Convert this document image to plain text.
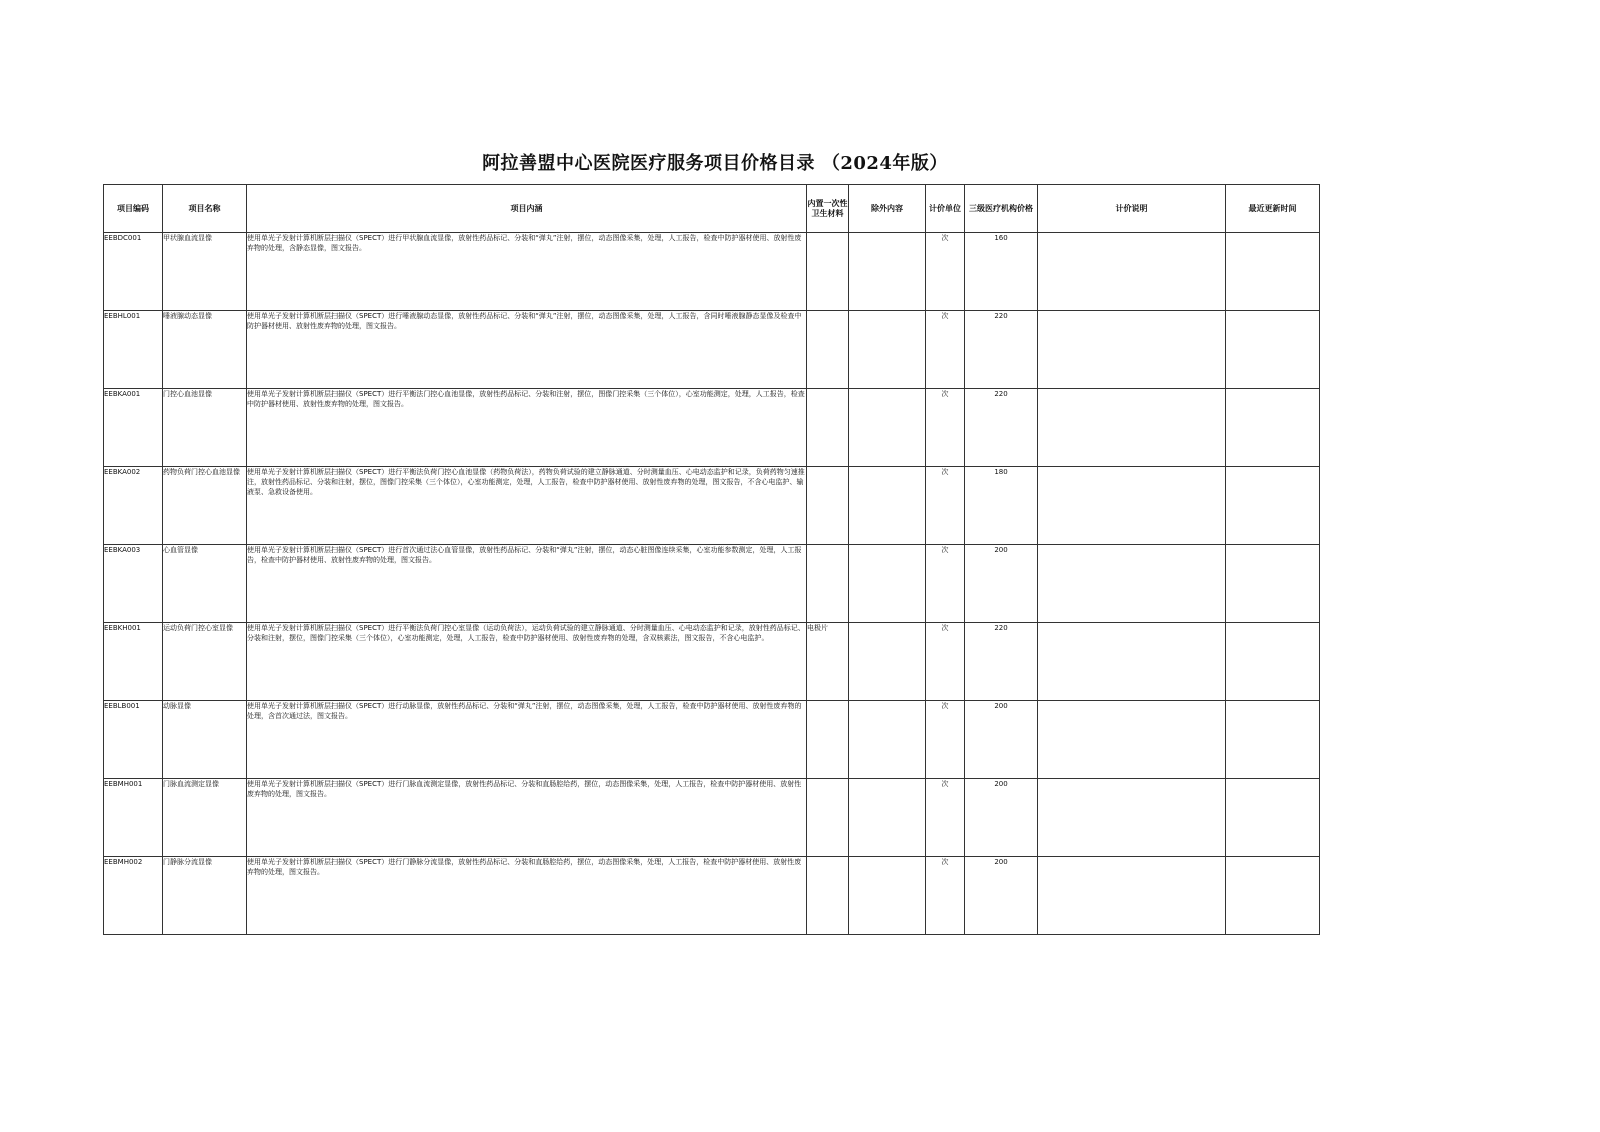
阿拉善盟中心医院医疗服务项目价格目录 （2024年版）
项目编码	项目名称	项目内涵	内置一次性卫生材料	除外内容	计价单位	三级医疗机构价格	计价说明	最近更新时间
EEBDC001	甲状腺血流显像	使用单光子发射计算机断层扫描仪（SPECT）进行甲状腺血流显像，放射性药品标记、分装和“弹丸”注射，摆位，动态图像采集，处理，人工报告，检查中防护器材使用、放射性废弃物的处理，含静态显像，图文报告。			次	160		
EEBHL001	唾液腺动态显像	使用单光子发射计算机断层扫描仪（SPECT）进行唾液腺动态显像，放射性药品标记、分装和“弹丸”注射，摆位，动态图像采集，处理，人工报告，含同时唾液腺静态显像及检查中防护器材使用、放射性废弃物的处理，图文报告。			次	220		
EEBKA001	门控心血池显像	使用单光子发射计算机断层扫描仪（SPECT）进行平衡法门控心血池显像，放射性药品标记、分装和注射，摆位，图像门控采集（三个体位），心室功能测定，处理，人工报告，检查中防护器材使用、放射性废弃物的处理，图文报告。			次	220		
EEBKA002	药物负荷门控心血池显像	使用单光子发射计算机断层扫描仪（SPECT）进行平衡法负荷门控心血池显像（药物负荷法），药物负荷试验的建立静脉通道、分时测量血压、心电动态监护和记录，负荷药物匀速推注，放射性药品标记、分装和注射，摆位，图像门控采集（三个体位），心室功能测定，处理，人工报告，检查中防护器材使用、放射性废弃物的处理，图文报告，不含心电监护、输液泵、急救设备使用。			次	180		
EEBKA003	心血管显像	使用单光子发射计算机断层扫描仪（SPECT）进行首次通过法心血管显像，放射性药品标记、分装和“弹丸”注射，摆位，动态心脏图像连续采集，心室功能参数测定，处理，人工报告，检查中防护器材使用、放射性废弃物的处理，图文报告。			次	200		
EEBKH001	运动负荷门控心室显像	使用单光子发射计算机断层扫描仪（SPECT）进行平衡法负荷门控心室显像（运动负荷法），运动负荷试验的建立静脉通道、分时测量血压、心电动态监护和记录，放射性药品标记、分装和注射，摆位，图像门控采集（三个体位），心室功能测定，处理，人工报告，检查中防护器材使用、放射性废弃物的处理，含双核素法，图文报告，不含心电监护。	电极片		次	220		
EEBLB001	动脉显像	使用单光子发射计算机断层扫描仪（SPECT）进行动脉显像，放射性药品标记、分装和“弹丸”注射，摆位，动态图像采集，处理，人工报告，检查中防护器材使用、放射性废弃物的处理，含首次通过法，图文报告。			次	200		
EEBMH001	门脉血流测定显像	使用单光子发射计算机断层扫描仪（SPECT）进行门脉血流测定显像，放射性药品标记、分装和直肠腔给药，摆位，动态图像采集，处理，人工报告，检查中防护器材使用、放射性废弃物的处理，图文报告。			次	200		
EEBMH002	门静脉分流显像	使用单光子发射计算机断层扫描仪（SPECT）进行门静脉分流显像，放射性药品标记、分装和直肠腔给药，摆位，动态图像采集，处理，人工报告，检查中防护器材使用、放射性废弃物的处理，图文报告。			次	200		
